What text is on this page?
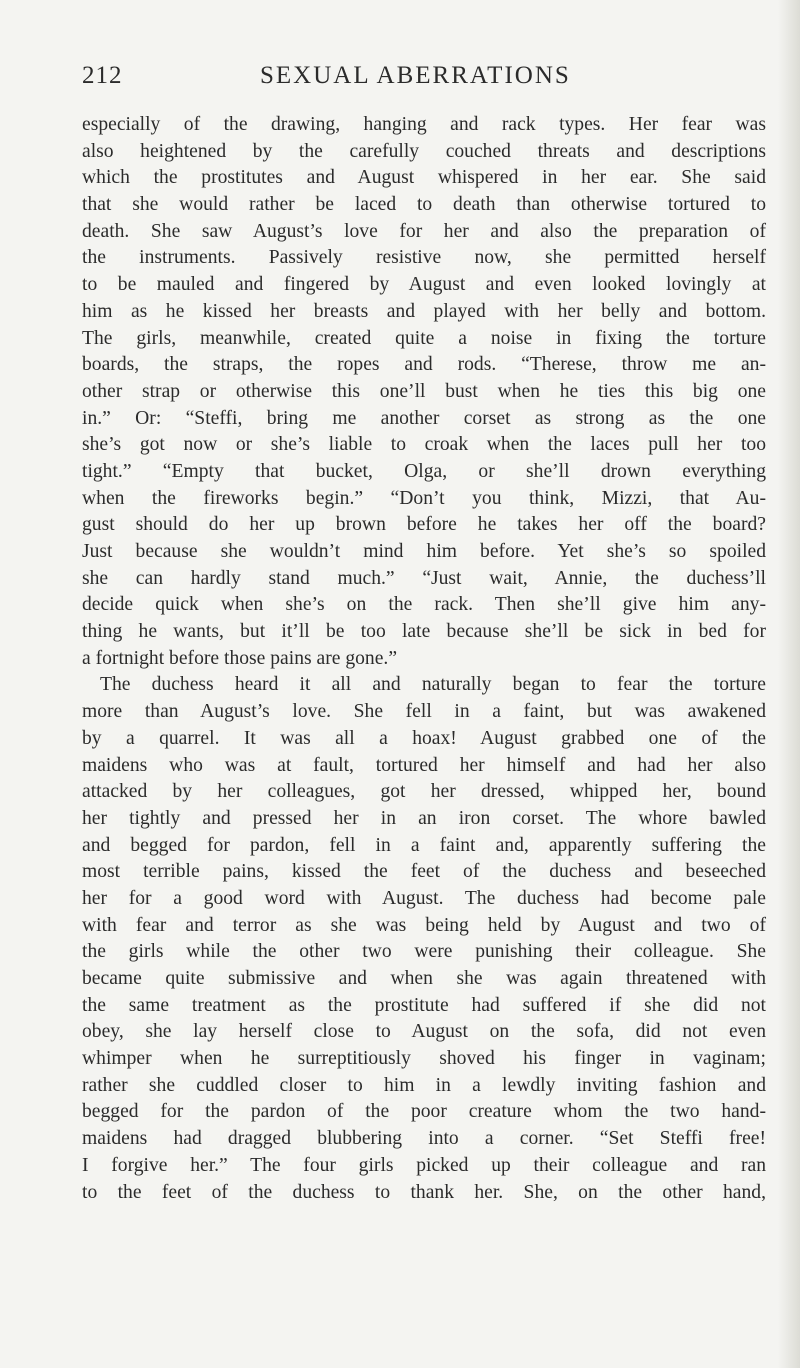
212	SEXUAL ABERRATIONS
especially of the drawing, hanging and rack types. Her fear was
also heightened by the carefully couched threats and descriptions
which the prostitutes and August whispered in her ear. She said
that she would rather be laced to death than otherwise tortured to
death. She saw August’s love for her and also the preparation of
the instruments. Passively resistive now, she permitted herself
to be mauled and fingered by August and even looked lovingly at
him as he kissed her breasts and played with her belly and bottom.
The girls, meanwhile, created quite a noise in fixing the torture
boards, the straps, the ropes and rods. “Therese, throw me an-
other strap or otherwise this one’ll bust when he ties this big one
in.” Or: “Steffi, bring me another corset as strong as the one
she’s got now or she’s liable to croak when the laces pull her too
tight.” “Empty that bucket, Olga, or she’ll drown everything
when the fireworks begin.” “Don’t you think, Mizzi, that Au-
gust should do her up brown before he takes her off the board?
Just because she wouldn’t mind him before. Yet she’s so spoiled
she can hardly stand much.” “Just wait, Annie, the duchess’ll
decide quick when she’s on the rack. Then she’ll give him any-
thing he wants, but it’ll be too late because she’ll be sick in bed for
a fortnight before those pains are gone.”
The duchess heard it all and naturally began to fear the torture
more than August’s love. She fell in a faint, but was awakened
by a quarrel. It was all a hoax! August grabbed one of the
maidens who was at fault, tortured her himself and had her also
attacked by her colleagues, got her dressed, whipped her, bound
her tightly and pressed her in an iron corset. The whore bawled
and begged for pardon, fell in a faint and, apparently suffering the
most terrible pains, kissed the feet of the duchess and beseeched
her for a good word with August. The duchess had become pale
with fear and terror as she was being held by August and two of
the girls while the other two were punishing their colleague. She
became quite submissive and when she was again threatened with
the same treatment as the prostitute had suffered if she did not
obey, she lay herself close to August on the sofa, did not even
whimper when he surreptitiously shoved his finger in vaginam;
rather she cuddled closer to him in a lewdly inviting fashion and
begged for the pardon of the poor creature whom the two hand-
maidens had dragged blubbering into a corner. “Set Steffi free!
I forgive her.” The four girls picked up their colleague and ran
to the feet of the duchess to thank her. She, on the other hand,
